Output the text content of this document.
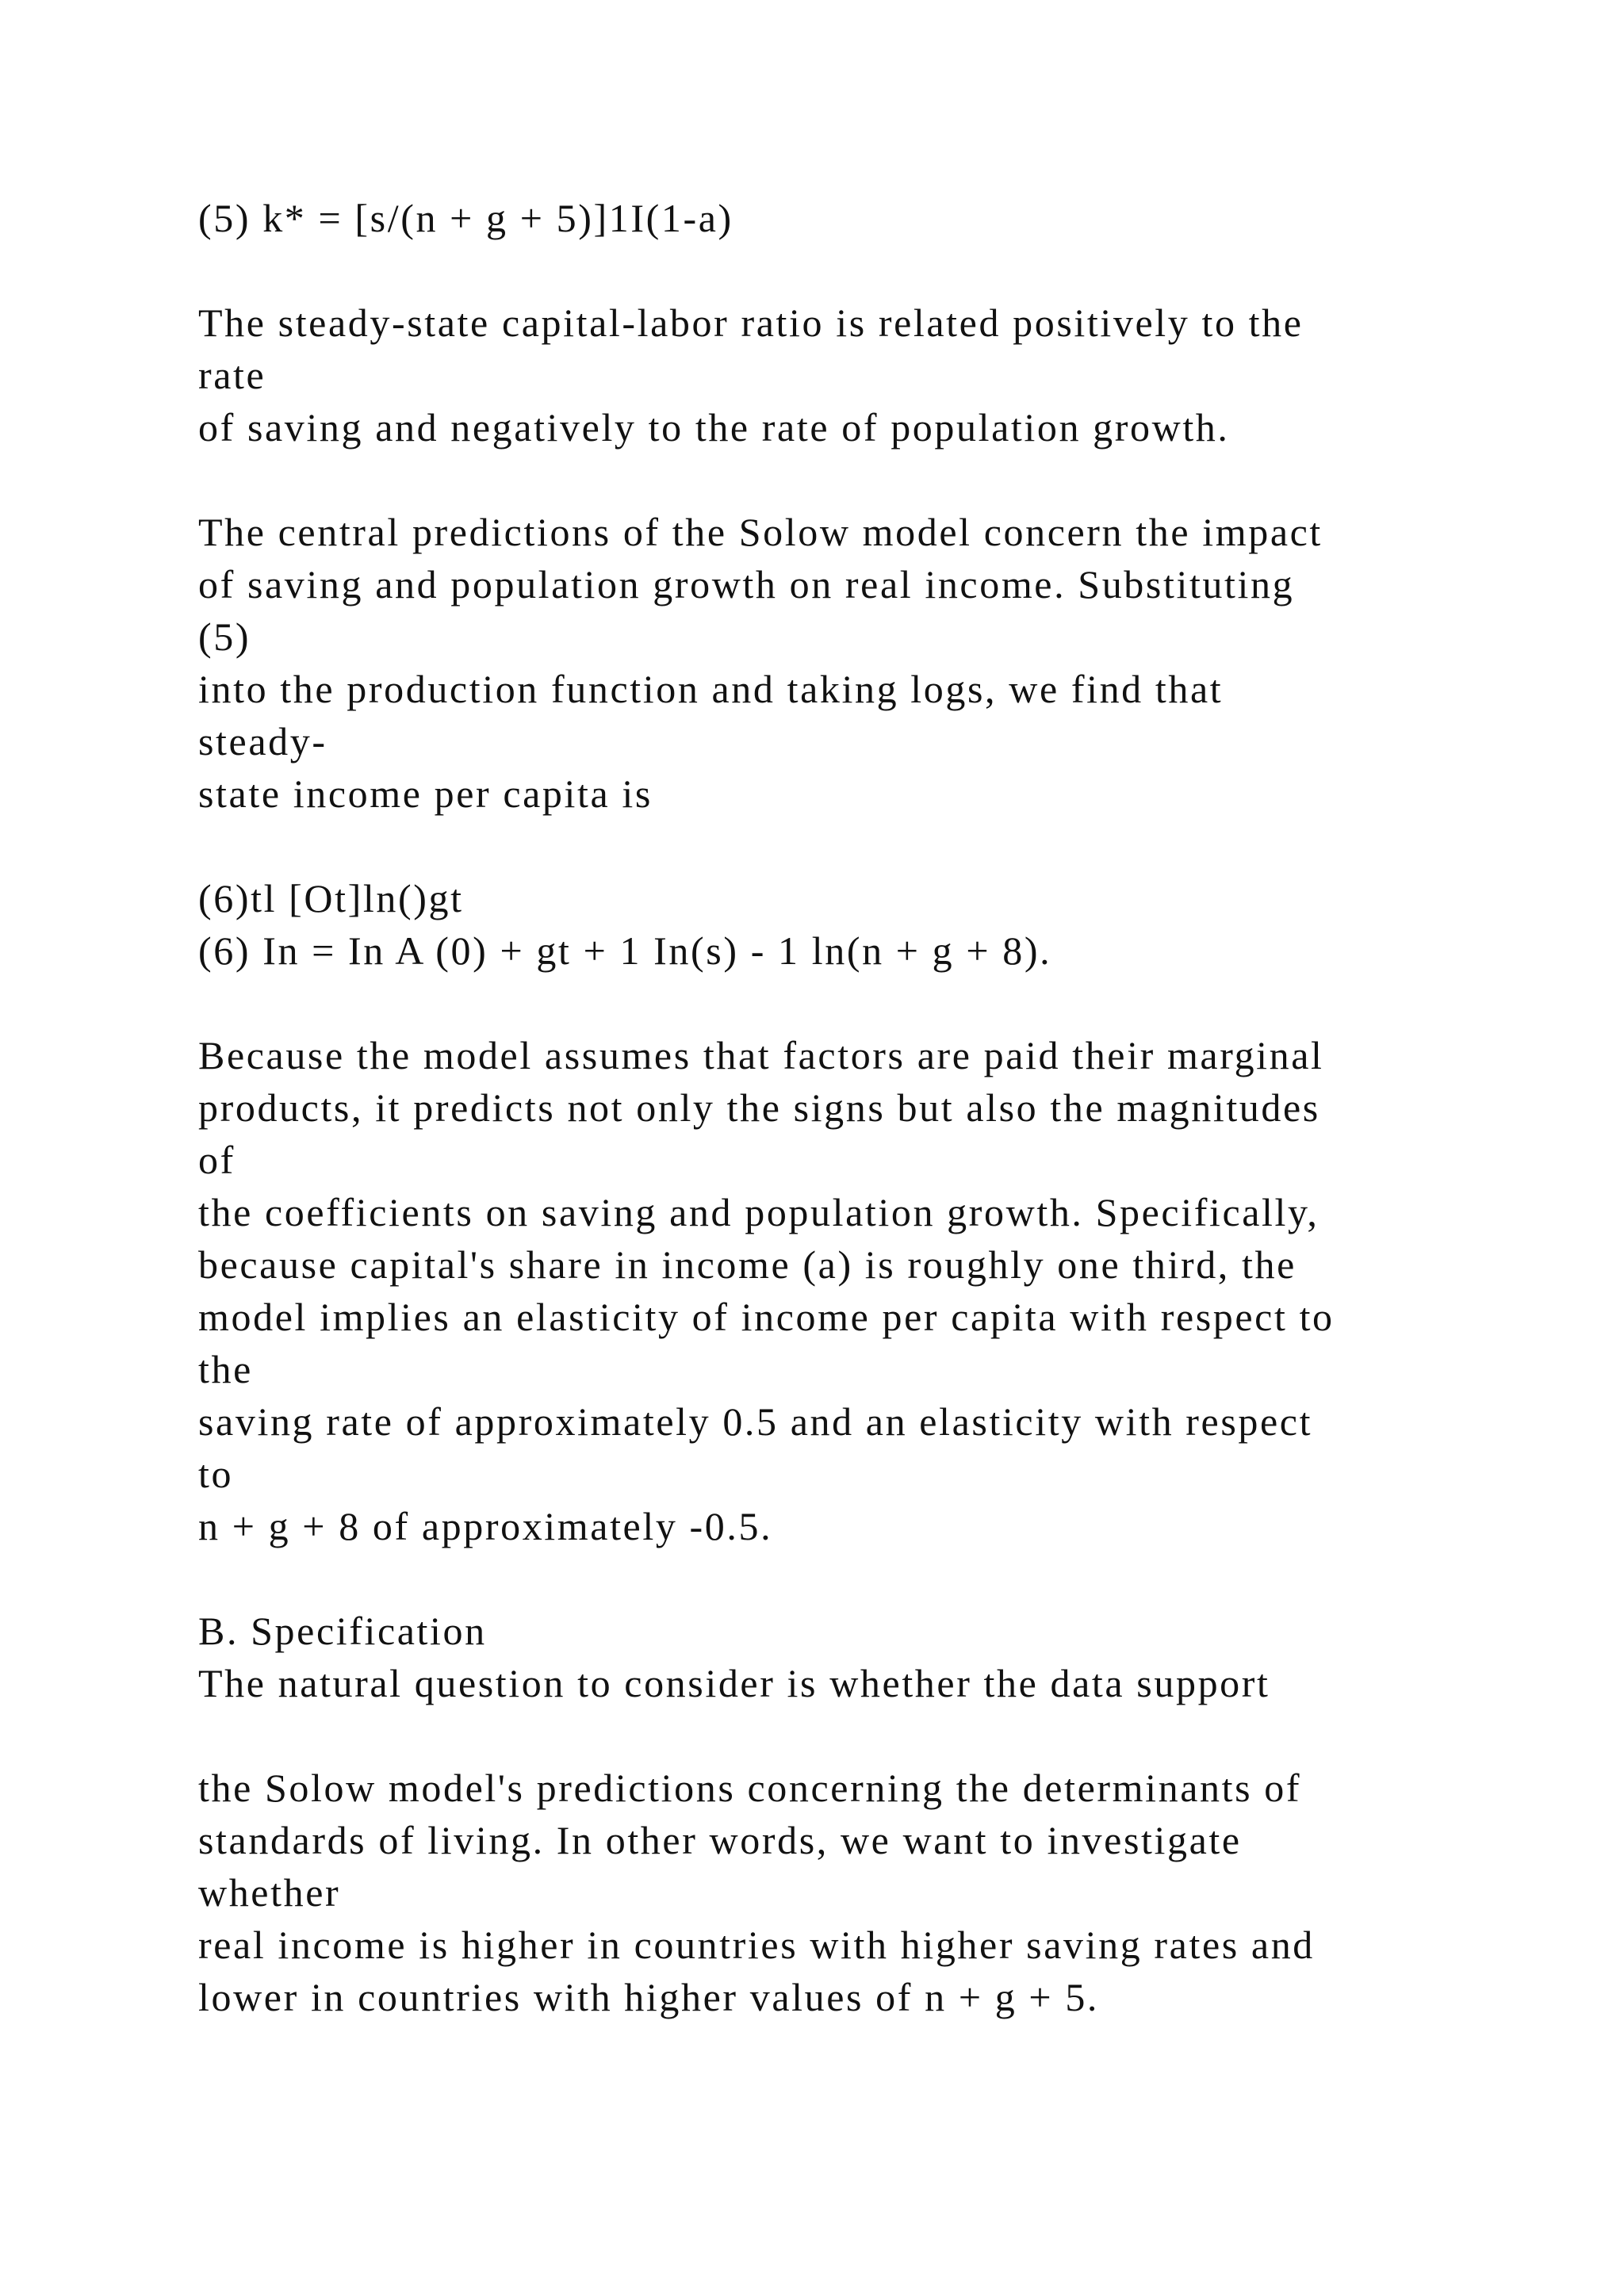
(5) k* = [s/(n + g + 5)]1I(1-a)
The steady-state capital-labor ratio is related positively to the
rate
of saving and negatively to the rate of population growth.
The central predictions of the Solow model concern the impact
of saving and population growth on real income. Substituting
(5)
into the production function and taking logs, we find that
steady-
state income per capita is
(6)tl [Ot]ln()gt
(6) In = In A (0) + gt + 1 In(s) - 1 ln(n + g + 8).
Because the model assumes that factors are paid their marginal
products, it predicts not only the signs but also the magnitudes
of
the coefficients on saving and population growth. Specifically,
because capital's share in income (a) is roughly one third, the
model implies an elasticity of income per capita with respect to
the
saving rate of approximately 0.5 and an elasticity with respect
to
n + g + 8 of approximately -0.5.
B. Specification
The natural question to consider is whether the data support
the Solow model's predictions concerning the determinants of
standards of living. In other words, we want to investigate
whether
real income is higher in countries with higher saving rates and
lower in countries with higher values of n + g + 5.
